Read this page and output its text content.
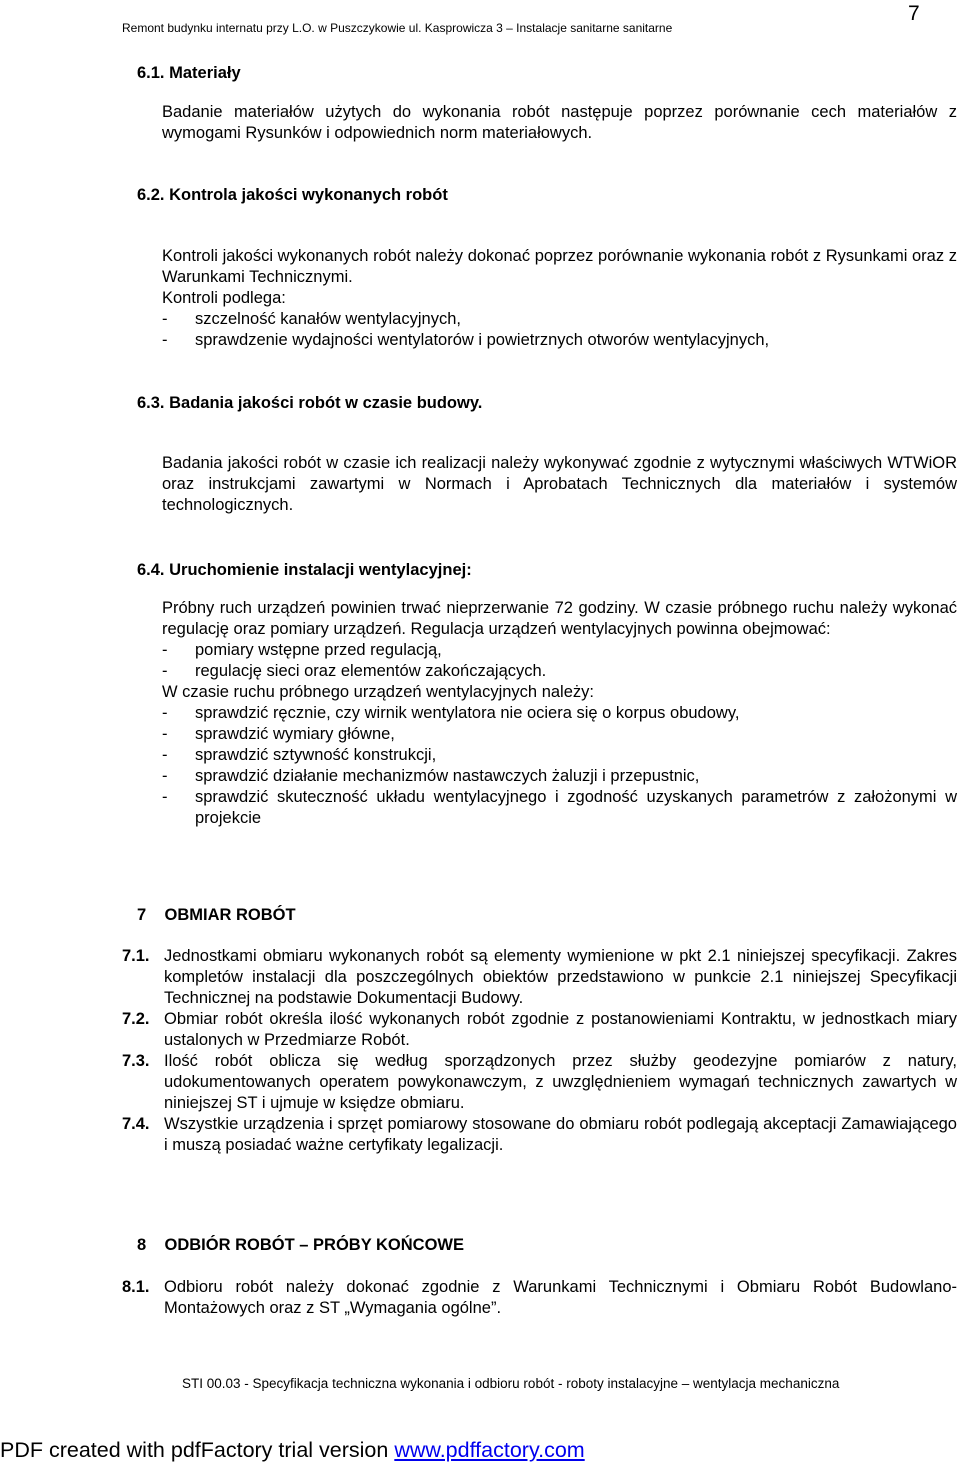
Remont budynku internatu przy L.O. w Puszczykowie ul. Kasprowicza 3 – Instalacje sanitarne sanitarne
7
6.1. Materiały

Badanie materiałów użytych do wykonania robót następuje poprzez porównanie cech materiałów z wymogami Rysunków i odpowiednich norm materiałowych.

6.2. Kontrola jakości wykonanych robót

Kontroli jakości wykonanych robót należy dokonać poprzez porównanie wykonania robót z Rysunkami oraz z Warunkami Technicznymi.

Kontroli podlega:

- szczelność kanałów wentylacyjnych,
- sprawdzenie wydajności wentylatorów i powietrznych otworów wentylacyjnych,
6.3. Badania jakości robót w czasie budowy.

Badania jakości robót w czasie ich realizacji należy wykonywać zgodnie z wytycznymi właściwych WTWiOR oraz instrukcjami zawartymi w Normach i Aprobatach Technicznych dla materiałów i systemów technologicznych.

6.4. Uruchomienie instalacji wentylacyjnej:

Próbny ruch urządzeń powinien trwać nieprzerwanie 72 godziny. W czasie próbnego ruchu należy wykonać regulację oraz pomiary urządzeń. Regulacja urządzeń wentylacyjnych powinna obejmować:

- pomiary wstępne przed regulacją,
- regulację sieci oraz elementów zakończających.

W czasie ruchu próbnego urządzeń wentylacyjnych należy:

- sprawdzić ręcznie, czy wirnik wentylatora nie ociera się o korpus obudowy,
- sprawdzić wymiary główne,
- sprawdzić sztywność konstrukcji,
- sprawdzić działanie mechanizmów nastawczych żaluzji i przepustnic,
- sprawdzić skuteczność układu wentylacyjnego i zgodność uzyskanych parametrów z założonymi w projekcie
7    OBMIAR ROBÓT
7.1. Jednostkami obmiaru wykonanych robót są elementy wymienione w pkt 2.1 niniejszej specyfikacji. Zakres kompletów instalacji dla poszczególnych obiektów przedstawiono w punkcie 2.1 niniejszej Specyfikacji Technicznej na podstawie Dokumentacji Budowy.
7.2. Obmiar robót określa ilość wykonanych robót zgodnie z postanowieniami Kontraktu, w jednostkach miary ustalonych w Przedmiarze Robót.
7.3. Ilość robót oblicza się według sporządzonych przez służby geodezyjne pomiarów z natury, udokumentowanych operatem powykonawczym, z uwzględnieniem wymagań technicznych zawartych w niniejszej ST i ujmuje w księdze obmiaru.
7.4. Wszystkie urządzenia i sprzęt pomiarowy stosowane do obmiaru robót podlegają akceptacji Zamawiającego i muszą posiadać ważne certyfikaty legalizacji.
8    ODBIÓR ROBÓT – PRÓBY KOŃCOWE
8.1. Odbioru robót należy dokonać zgodnie z Warunkami Technicznymi i Obmiaru Robót Budowlano-Montażowych oraz z ST „Wymagania ogólne”.
STI 00.03 - Specyfikacja techniczna wykonania i odbioru robót - roboty instalacyjne – wentylacja mechaniczna
PDF created with pdfFactory trial version www.pdffactory.com
